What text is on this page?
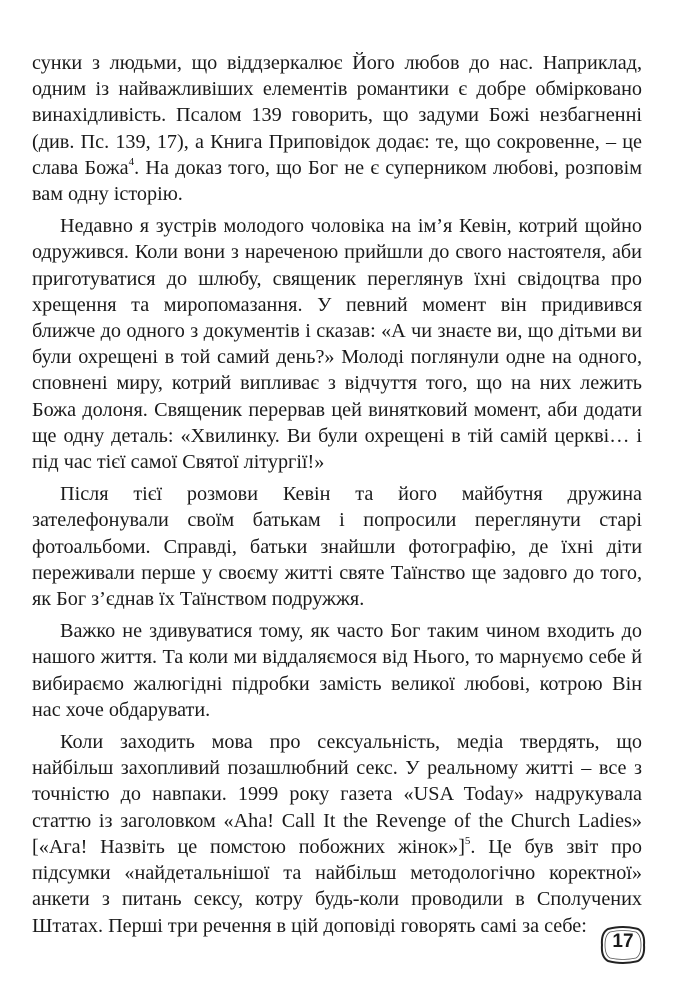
сунки з людьми, що віддзеркалює Його любов до нас. Наприклад, одним із найважливіших елементів романтики є добре обмірковано винахідливість. Псалом 139 говорить, що задуми Божі незбагненні (див. Пс. 139, 17), а Книга Приповідок додає: те, що сокровенне, – це слава Божа$^4$. На доказ того, що Бог не є суперником любові, розповім вам одну історію.

Недавно я зустрів молодого чоловіка на ім’я Кевін, котрий щойно одружився. Коли вони з нареченою прийшли до свого настоятеля, аби приготуватися до шлюбу, священик переглянув їхні свідоцтва про хрещення та миропомазання. У певний момент він придивився ближче до одного з документів і сказав: «А чи знаєте ви, що дітьми ви були охрещені в той самий день?» Молоді поглянули одне на одного, сповнені миру, котрий випливає з відчуття того, що на них лежить Божа долоня. Священик перервав цей винятковий момент, аби додати ще одну деталь: «Хвилинку. Ви були охрещені в тій самій церкві… і під час тієї самої Святої літургії!»

Після тієї розмови Кевін та його майбутня дружина зателефонували своїм батькам і попросили переглянути старі фотоальбоми. Справді, батьки знайшли фотографію, де їхні діти переживали перше у своєму житті святе Таїнство ще задовго до того, як Бог з’єднав їх Таїнством подружжя.

Важко не здивуватися тому, як часто Бог таким чином входить до нашого життя. Та коли ми віддаляємося від Нього, то марнуємо себе й вибираємо жалюгідні підробки замість великої любові, котрою Він нас хоче обдарувати.

Коли заходить мова про сексуальність, медіа твердять, що найбільш захопливий позашлюбний секс. У реальному житті – все з точністю до навпаки. 1999 року газета «USA Today» надрукувала статтю із заголовком «Aha! Call It the Revenge of the Church Ladies» [«Ага! Назвіть це помстою побожних жінок»]$^5$. Це був звіт про підсумки «найдетальнішої та найбільш методологічно коректної» анкети з питань сексу, котру будь-коли проводили в Сполучених Штатах. Перші три речення в цій доповіді говорять самі за себе:

17
